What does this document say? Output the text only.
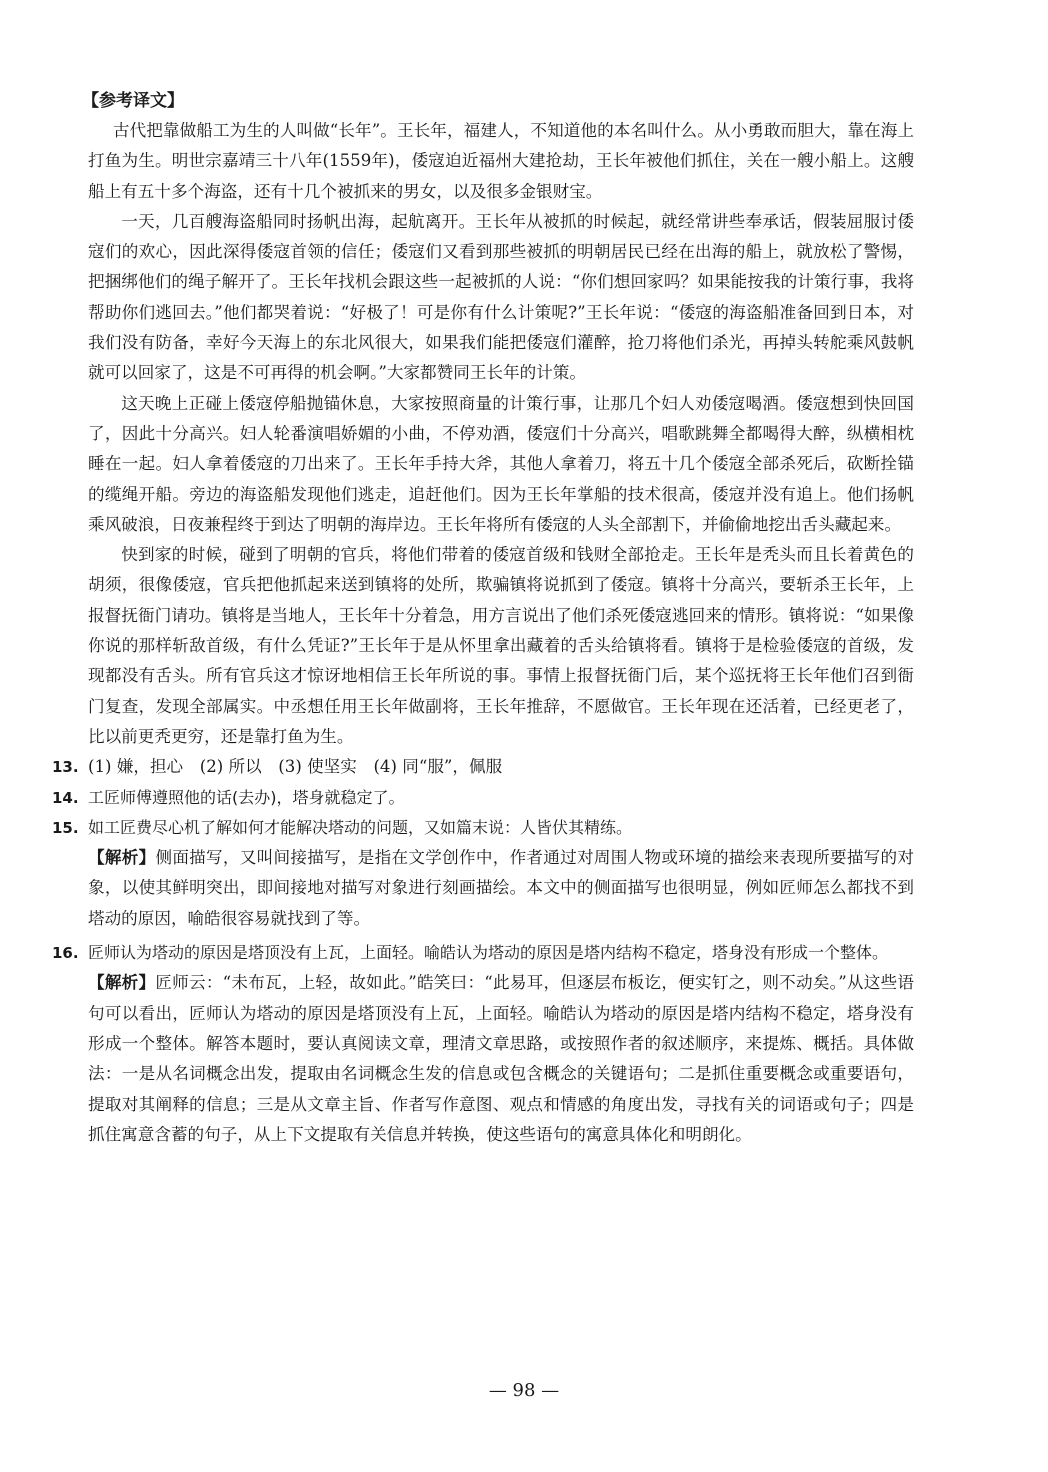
【参考译文】

古代把靠做船工为生的人叫做“长年”。王长年，福建人，不知道他的本名叫什么。从小勇敢而胆大，靠在海上打鱼为生。明世宗嘉靖三十八年(1559年)，倭寇迫近福州大建抢劫，王长年被他们抓住，关在一艘小船上。这艘船上有五十多个海盗，还有十几个被抓来的男女，以及很多金银财宝。

一天，几百艘海盗船同时扬帆出海，起航离开。王长年从被抓的时候起，就经常讲些奉承话，假装屈服讨倭寇们的欢心，因此深得倭寇首领的信任；倭寇们又看到那些被抓的明朝居民已经在出海的船上，就放松了警惕，把捆绑他们的绳子解开了。王长年找机会跟这些一起被抓的人说：“你们想回家吗？如果能按我的计策行事，我将帮助你们逃回去。”他们都哭着说：“好极了！可是你有什么计策呢?”王长年说：“倭寇的海盗船准备回到日本，对我们没有防备，幸好今天海上的东北风很大，如果我们能把倭寇们灌醉，抢刀将他们杀光，再掉头转舵乘风鼓帆就可以回家了，这是不可再得的机会啊。”大家都赞同王长年的计策。

这天晚上正碰上倭寇停船抛锚休息，大家按照商量的计策行事，让那几个妇人劝倭寇喝酒。倭寇想到快回国了，因此十分高兴。妇人轮番演唱娇媚的小曲，不停劝酒，倭寇们十分高兴，唱歌跳舞全都喝得大醉，纵横相枕睡在一起。妇人拿着倭寇的刀出来了。王长年手持大斧，其他人拿着刀，将五十几个倭寇全部杀死后，砍断拴锚的缆绳开船。旁边的海盗船发现他们逃走，追赶他们。因为王长年掌船的技术很高，倭寇并没有追上。他们扬帆乘风破浪，日夜兼程终于到达了明朝的海岸边。王长年将所有倭寇的人头全部割下，并偷偷地挖出舌头藏起来。

快到家的时候，碰到了明朝的官兵，将他们带着的倭寇首级和钱财全部抢走。王长年是秃头而且长着黄色的胡须，很像倭寇，官兵把他抓起来送到镇将的处所，欺骗镇将说抓到了倭寇。镇将十分高兴，要斩杀王长年，上报督抚衙门请功。镇将是当地人，王长年十分着急，用方言说出了他们杀死倭寇逃回来的情形。镇将说：“如果像你说的那样斩敌首级，有什么凭证?”王长年于是从怀里拿出藏着的舌头给镇将看。镇将于是检验倭寇的首级，发现都没有舌头。所有官兵这才惊讶地相信王长年所说的事。事情上报督抚衙门后，某个巡抚将王长年他们召到衙门复查，发现全部属实。中丞想任用王长年做副将，王长年推辞，不愿做官。王长年现在还活着，已经更老了，比以前更秃更穷，还是靠打鱼为生。

13. (1) 嫌，担心　(2) 所以　(3) 使坚实　(4) 同“服”，佩服
14. 工匠师傅遵照他的话(去办)，塔身就稳定了。
15. 如工匠费尽心机了解如何才能解决塔动的问题，又如篇末说：人皆伏其精练。
【解析】侧面描写，又叫间接描写，是指在文学创作中，作者通过对周围人物或环境的描绘来表现所要描写的对象，以使其鲜明突出，即间接地对描写对象进行刻画描绘。本文中的侧面描写也很明显，例如匠师怎么都找不到塔动的原因，喻皓很容易就找到了等。
16. 匠师认为塔动的原因是塔顶没有上瓦，上面轻。喻皓认为塔动的原因是塔内结构不稳定，塔身没有形成一个整体。
【解析】匠师云：“未布瓦，上轻，故如此。”皓笑曰：“此易耳，但逐层布板讫，便实钉之，则不动矣。”从这些语句可以看出，匠师认为塔动的原因是塔顶没有上瓦，上面轻。喻皓认为塔动的原因是塔内结构不稳定，塔身没有形成一个整体。解答本题时，要认真阅读文章，理清文章思路，或按照作者的叙述顺序，来提炼、概括。具体做法：一是从名词概念出发，提取由名词概念生发的信息或包含概念的关键语句；二是抓住重要概念或重要语句，提取对其阐释的信息；三是从文章主旨、作者写作意图、观点和情感的角度出发，寻找有关的词语或句子；四是抓住寓意含蓄的句子，从上下文提取有关信息并转换，使这些语句的寓意具体化和明朗化。
— 98 —
